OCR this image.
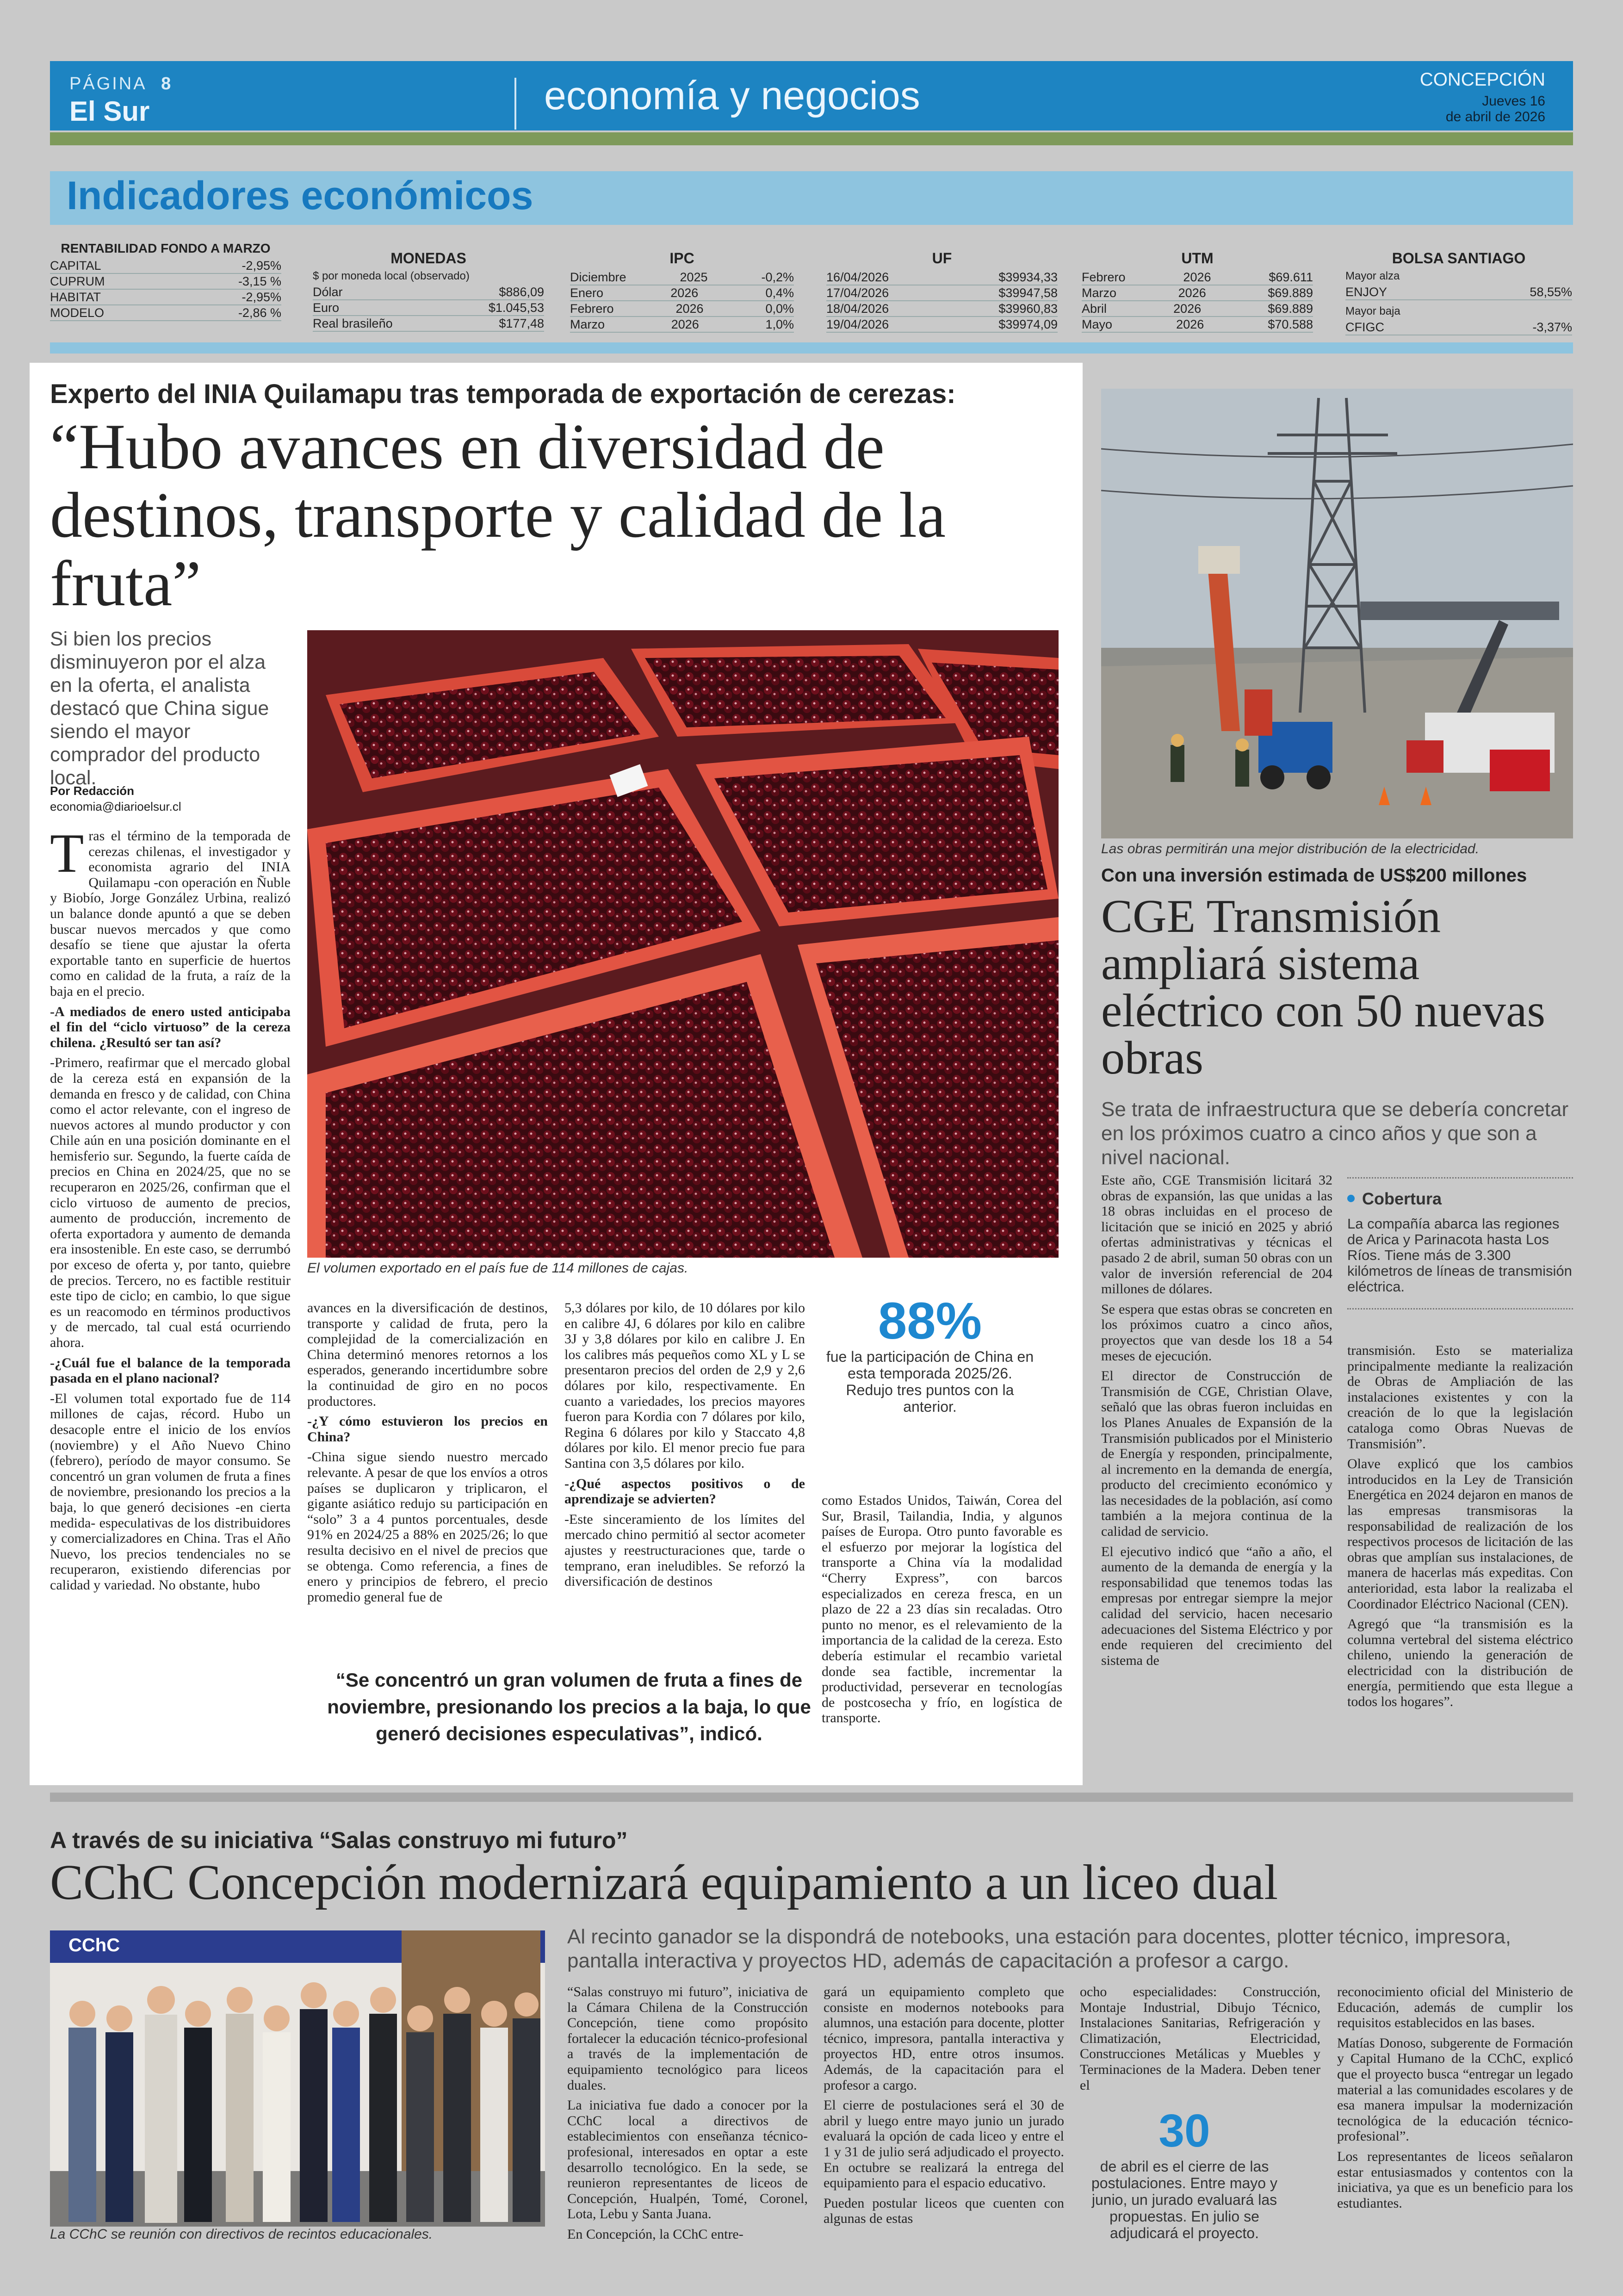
PÁGINA 8
El Sur	economía y negocios	CONCEPCIÓN
Jueves 16
de abril de 2026
Indicadores económicos
RENTABILIDAD FONDO A MARZO
CAPITAL	-2,95%
CUPRUM	-3,15 %
HABITAT	-2,95%
MODELO	-2,86 %
MONEDAS
$ por moneda local (observado)
Dólar	$886,09
Euro	$1.045,53
Real brasileño	$177,48
IPC
Diciembre	2025	-0,2%
Enero	2026	0,4%
Febrero	2026	0,0%
Marzo	2026	1,0%
UF
16/04/2026	$39934,33
17/04/2026	$39947,58
18/04/2026	$39960,83
19/04/2026	$39974,09
UTM
Febrero	2026	$69.611
Marzo	2026	$69.889
Abril	2026	$69.889
Mayo	2026	$70.588
BOLSA SANTIAGO
Mayor alza
ENJOY	58,55%
Mayor baja
CFIGC	-3,37%
Experto del INIA Quilamapu tras temporada de exportación de cerezas:
“Hubo avances en diversidad de destinos, transporte y calidad de la fruta”
Si bien los precios disminuyeron por el alza en la oferta, el analista destacó que China sigue siendo el mayor comprador del producto local.
El volumen exportado en el país fue de 114 millones de cajas.
Por Redacción
economia@diarioelsur.cl

Tras el término de la temporada de cerezas chilenas, el investigador y economista agrario del INIA Quilamapu -con operación en Ñuble y Biobío, Jorge González Urbina, realizó un balance donde apuntó a que se deben buscar nuevos mercados y que como desafío se tiene que ajustar la oferta exportable tanto en superficie de huertos como en calidad de la fruta, a raíz de la baja en el precio.

-A mediados de enero usted anticipaba el fin del “ciclo virtuoso” de la cereza chilena. ¿Resultó ser tan así?

-Primero, reafirmar que el mercado global de la cereza está en expansión de la demanda en fresco y de calidad, con China como el actor relevante, con el ingreso de nuevos actores al mundo productor y con Chile aún en una posición dominante en el hemisferio sur. Segundo, la fuerte caída de precios en China en 2024/25, que no se recuperaron en 2025/26, confirman que el ciclo virtuoso de aumento de precios, aumento de producción, incremento de oferta exportadora y aumento de demanda era insostenible. En este caso, se derrumbó por exceso de oferta y, por tanto, quiebre de precios. Tercero, no es factible restituir este tipo de ciclo; en cambio, lo que sigue es un reacomodo en términos productivos y de mercado, tal cual está ocurriendo ahora.

-¿Cuál fue el balance de la temporada pasada en el plano nacional?

-El volumen total exportado fue de 114 millones de cajas, récord. Hubo un desacople entre el inicio de los envíos (noviembre) y el Año Nuevo Chino (febrero), período de mayor consumo. Se concentró un gran volumen de fruta a fines de noviembre, presionando los precios a la baja, lo que generó decisiones -en cierta medida- especulativas de los distribuidores y comercializadores en China. Tras el Año Nuevo, los precios tendenciales no se recuperaron, existiendo diferencias por calidad y variedad. No obstante, hubo

avances en la diversificación de destinos, transporte y calidad de fruta, pero la complejidad de la comercialización en China determinó menores retornos a los esperados, generando incertidumbre sobre la continuidad de giro en no pocos productores.

-¿Y cómo estuvieron los precios en China?

-China sigue siendo nuestro mercado relevante. A pesar de que los envíos a otros países se duplicaron y triplicaron, el gigante asiático redujo su participación en “solo” 3 a 4 puntos porcentuales, desde 91% en 2024/25 a 88% en 2025/26; lo que resulta decisivo en el nivel de precios que se obtenga. Como referencia, a fines de enero y principios de febrero, el precio promedio general fue de

5,3 dólares por kilo, de 10 dólares por kilo en calibre 4J, 6 dólares por kilo en calibre 3J y 3,8 dólares por kilo en calibre J. En los calibres más pequeños como XL y L se presentaron precios del orden de 2,9 y 2,6 dólares por kilo, respectivamente. En cuanto a variedades, los precios mayores fueron para Kordia con 7 dólares por kilo, Regina 6 dólares por kilo y Staccato 4,8 dólares por kilo. El menor precio fue para Santina con 3,5 dólares por kilo.

-¿Qué aspectos positivos o de aprendizaje se advierten?

-Este sinceramiento de los límites del mercado chino permitió al sector acometer ajustes y reestructuraciones que, tarde o temprano, eran ineludibles. Se reforzó la diversificación de destinos

como Estados Unidos, Taiwán, Corea del Sur, Brasil, Tailandia, India, y algunos países de Europa. Otro punto favorable es el esfuerzo por mejorar la logística del transporte a China vía la modalidad “Cherry Express”, con barcos especializados en cereza fresca, en un plazo de 22 a 23 días sin recaladas. Otro punto no menor, es el relevamiento de la importancia de la calidad de la cereza. Esto debería estimular el recambio varietal donde sea factible, incrementar la productividad, perseverar en tecnologías de postcosecha y frío, en logística de transporte.

88%
fue la participación de China en esta temporada 2025/26. Redujo tres puntos con la anterior.
“Se concentró un gran volumen de fruta a fines de noviembre, presionando los precios a la baja, lo que generó decisiones especulativas”, indicó.
Las obras permitirán una mejor distribución de la electricidad.
Con una inversión estimada de US$200 millones
CGE Transmisión ampliará sistema eléctrico con 50 nuevas obras
Se trata de infraestructura que se debería concretar en los próximos cuatro a cinco años y que son a nivel nacional.
Cobertura
La compañía abarca las regiones de Arica y Parinacota hasta Los Ríos. Tiene más de 3.300 kilómetros de líneas de transmisión eléctrica.

Este año, CGE Transmisión licitará 32 obras de expansión, las que unidas a las 18 obras incluidas en el proceso de licitación que se inició en 2025 y abrió ofertas administrativas y técnicas el pasado 2 de abril, suman 50 obras con un valor de inversión referencial de 204 millones de dólares.

Se espera que estas obras se concreten en los próximos cuatro a cinco años, proyectos que van desde los 18 a 54 meses de ejecución.

El director de Construcción de Transmisión de CGE, Christian Olave, señaló que las obras fueron incluidas en los Planes Anuales de Expansión de la Transmisión publicados por el Ministerio de Energía y responden, principalmente, al incremento en la demanda de energía, producto del crecimiento económico y las necesidades de la población, así como también a la mejora continua de la calidad de servicio.

El ejecutivo indicó que “año a año, el aumento de la demanda de energía y la responsabilidad que tenemos todas las empresas por entregar siempre la mejor calidad del servicio, hacen necesario adecuaciones del Sistema Eléctrico y por ende requieren del crecimiento del sistema de

transmisión. Esto se materializa principalmente mediante la realización de Obras de Ampliación de las instalaciones existentes y con la creación de lo que la legislación cataloga como Obras Nuevas de Transmisión”.

Olave explicó que los cambios introducidos en la Ley de Transición Energética en 2024 dejaron en manos de las empresas transmisoras la responsabilidad de realización de los respectivos procesos de licitación de las obras que amplían sus instalaciones, de manera de hacerlas más expeditas. Con anterioridad, esta labor la realizaba el Coordinador Eléctrico Nacional (CEN).

Agregó que “la transmisión es la columna vertebral del sistema eléctrico chileno, uniendo la generación de electricidad con la distribución de energía, permitiendo que esta llegue a todos los hogares”.

A través de su iniciativa “Salas construyo mi futuro”
CChC Concepción modernizará equipamiento a un liceo dual
CChC
La CChC se reunión con directivos de recintos educacionales.
Al recinto ganador se la dispondrá de notebooks, una estación para docentes, plotter técnico, impresora, pantalla interactiva y proyectos HD, además de capacitación a profesor a cargo.

“Salas construyo mi futuro”, iniciativa de la Cámara Chilena de la Construcción Concepción, tiene como propósito fortalecer la educación técnico-profesional a través de la implementación de equipamiento tecnológico para liceos duales.

La iniciativa fue dado a conocer por la CChC local a directivos de establecimientos con enseñanza técnico-profesional, interesados en optar a este desarrollo tecnológico. En la sede, se reunieron representantes de liceos de Concepción, Hualpén, Tomé, Coronel, Lota, Lebu y Santa Juana.

En Concepción, la CChC entre-

gará un equipamiento completo que consiste en modernos notebooks para alumnos, una estación para docente, plotter técnico, impresora, pantalla interactiva y proyectos HD, entre otros insumos. Además, de la capacitación para el profesor a cargo.

El cierre de postulaciones será el 30 de abril y luego entre mayo junio un jurado evaluará la opción de cada liceo y entre el 1 y 31 de julio será adjudicado el proyecto. En octubre se realizará la entrega del equipamiento para el espacio educativo.

Pueden postular liceos que cuenten con algunas de estas

ocho especialidades: Construcción, Montaje Industrial, Dibujo Técnico, Instalaciones Sanitarias, Refrigeración y Climatización, Electricidad, Construcciones Metálicas y Muebles y Terminaciones de la Madera. Deben tener el

reconocimiento oficial del Ministerio de Educación, además de cumplir los requisitos establecidos en las bases.

Matías Donoso, subgerente de Formación y Capital Humano de la CChC, explicó que el proyecto busca “entregar un legado material a las comunidades escolares y de esa manera impulsar la modernización tecnológica de la educación técnico-profesional”.

Los representantes de liceos señalaron estar entusiasmados y contentos con la iniciativa, ya que es un beneficio para los estudiantes.

30
de abril es el cierre de las postulaciones. Entre mayo y junio, un jurado evaluará las propuestas. En julio se adjudicará el proyecto.
